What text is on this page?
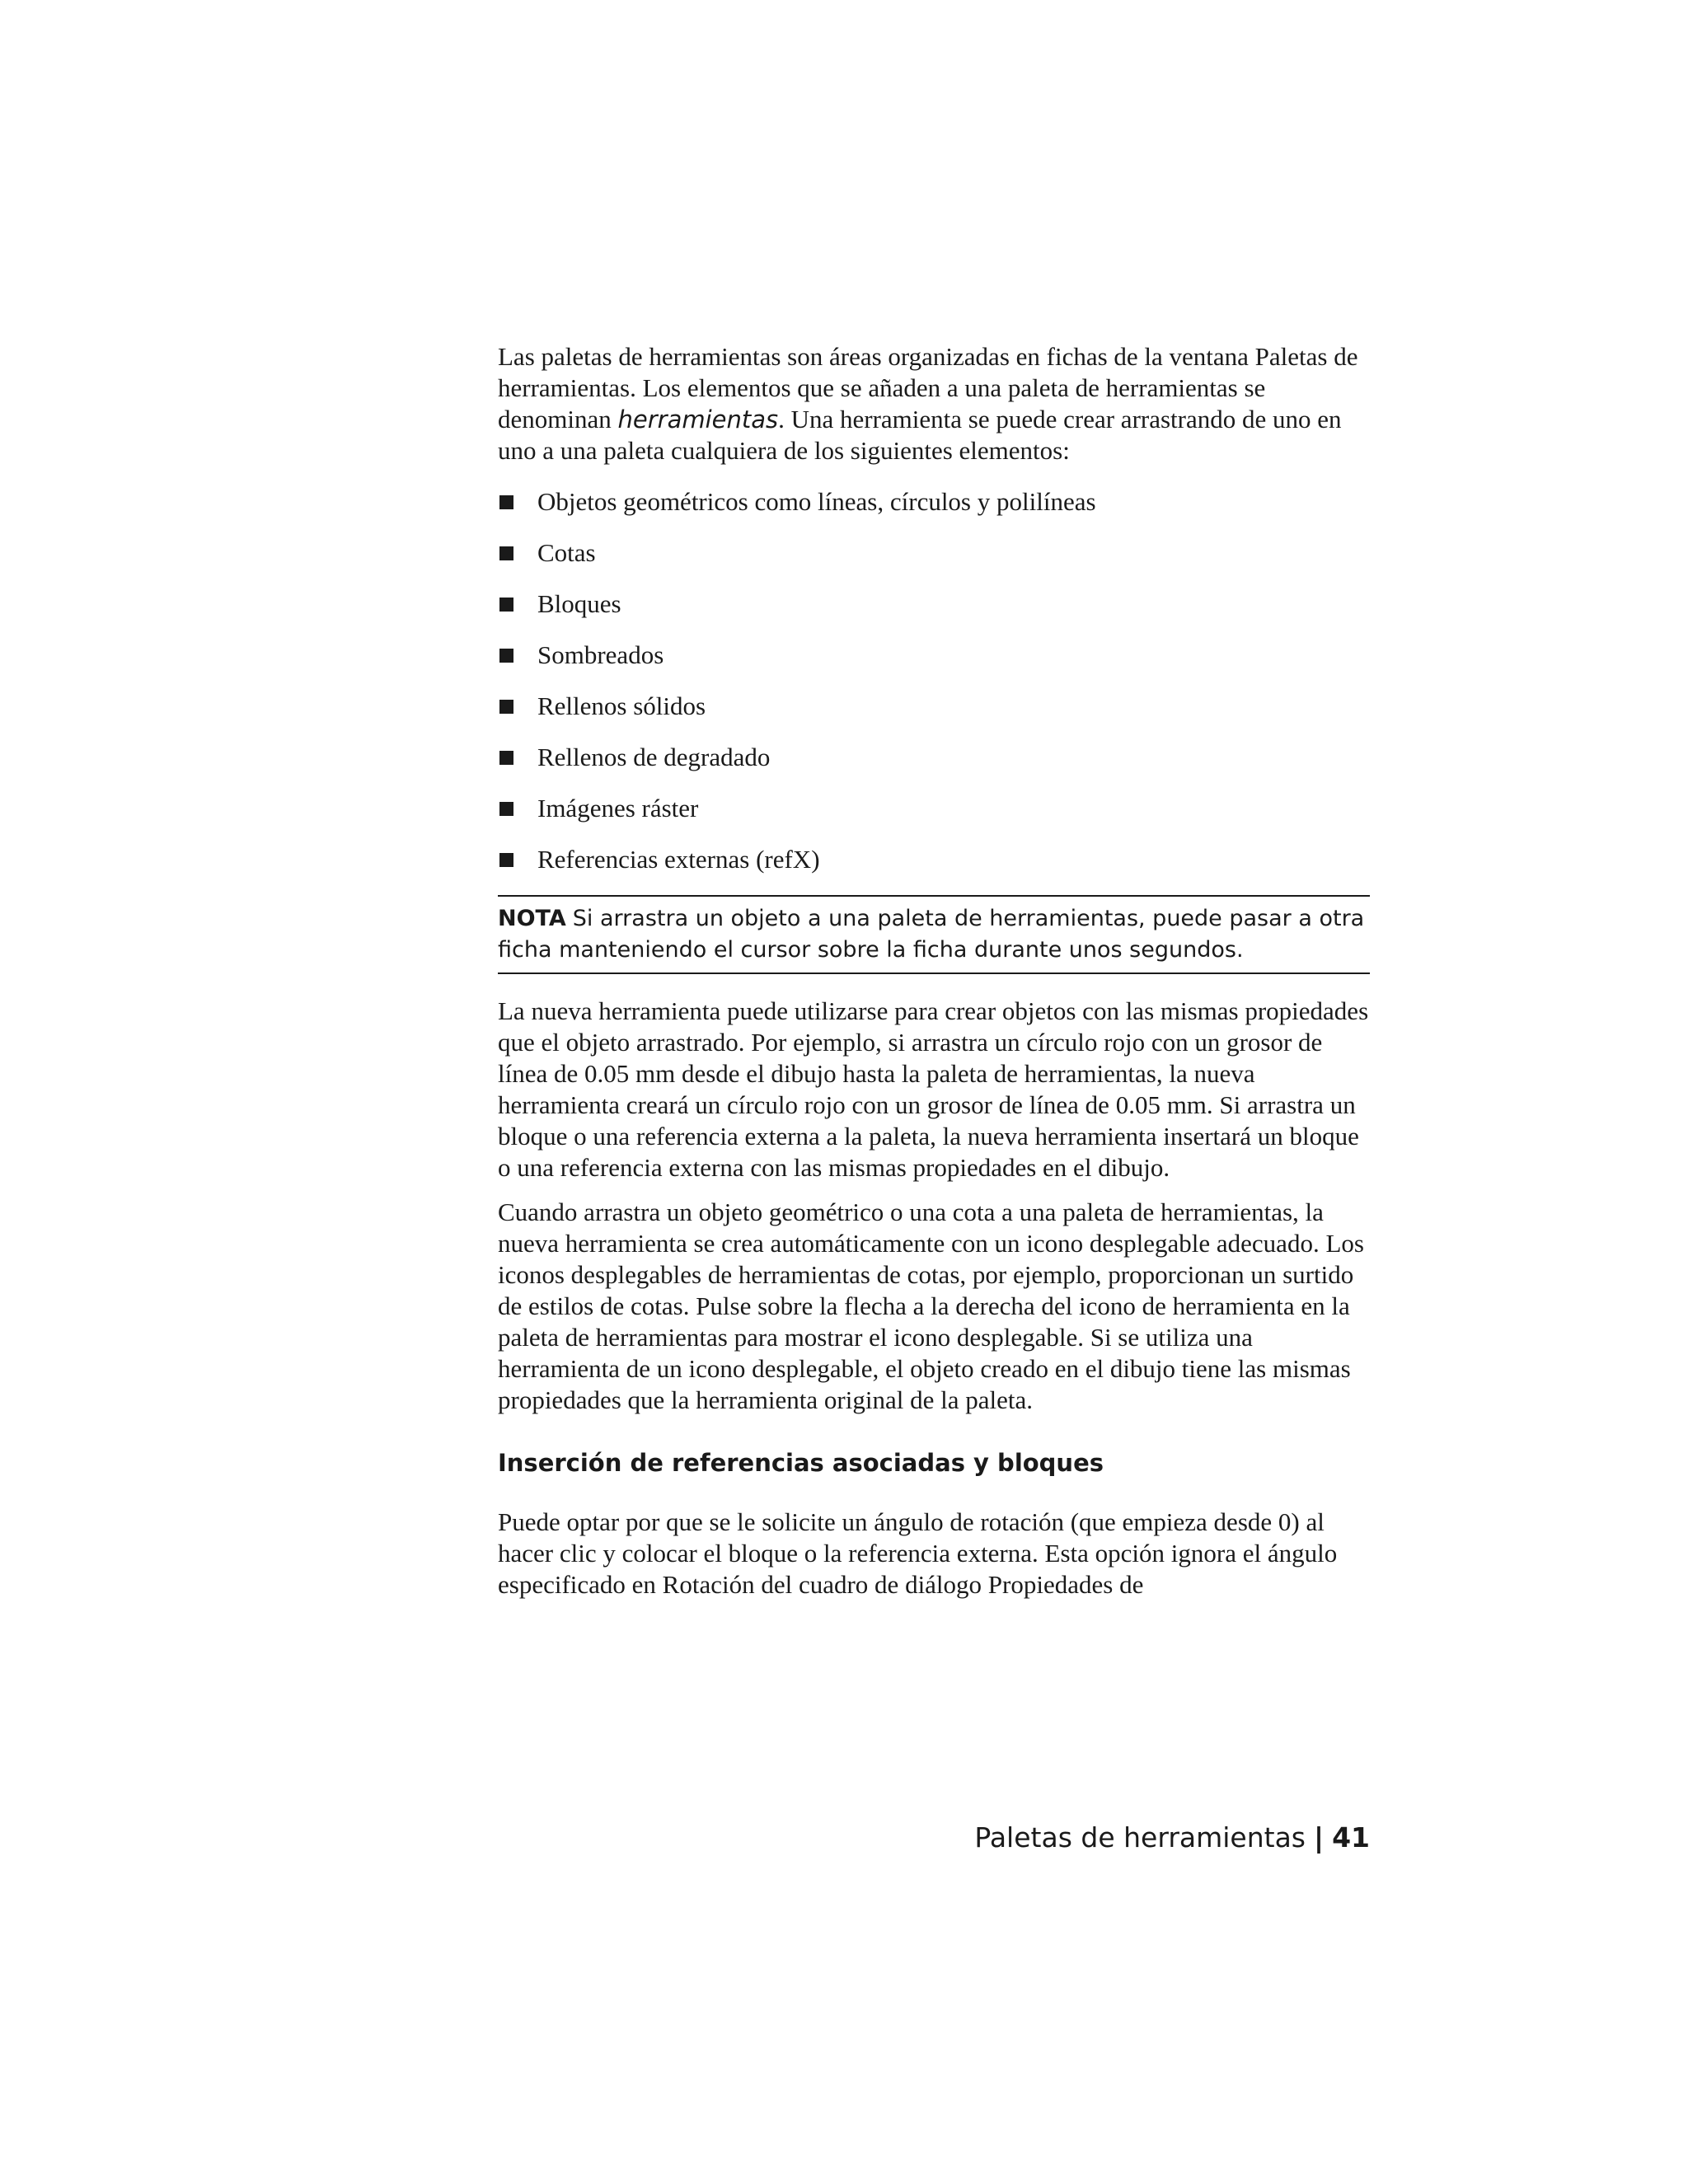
Las paletas de herramientas son áreas organizadas en fichas de la ventana Paletas de herramientas. Los elementos que se añaden a una paleta de herramientas se denominan herramientas. Una herramienta se puede crear arrastrando de uno en uno a una paleta cualquiera de los siguientes elementos:

Objetos geométricos como líneas, círculos y polilíneas
Cotas
Bloques
Sombreados
Rellenos sólidos
Rellenos de degradado
Imágenes ráster
Referencias externas (refX)
NOTA Si arrastra un objeto a una paleta de herramientas, puede pasar a otra ficha manteniendo el cursor sobre la ficha durante unos segundos.

La nueva herramienta puede utilizarse para crear objetos con las mismas propiedades que el objeto arrastrado. Por ejemplo, si arrastra un círculo rojo con un grosor de línea de 0.05 mm desde el dibujo hasta la paleta de herramientas, la nueva herramienta creará un círculo rojo con un grosor de línea de 0.05 mm. Si arrastra un bloque o una referencia externa a la paleta, la nueva herramienta insertará un bloque o una referencia externa con las mismas propiedades en el dibujo.

Cuando arrastra un objeto geométrico o una cota a una paleta de herramientas, la nueva herramienta se crea automáticamente con un icono desplegable adecuado. Los iconos desplegables de herramientas de cotas, por ejemplo, proporcionan un surtido de estilos de cotas. Pulse sobre la flecha a la derecha del icono de herramienta en la paleta de herramientas para mostrar el icono desplegable. Si se utiliza una herramienta de un icono desplegable, el objeto creado en el dibujo tiene las mismas propiedades que la herramienta original de la paleta.

Inserción de referencias asociadas y bloques

Puede optar por que se le solicite un ángulo de rotación (que empieza desde 0) al hacer clic y colocar el bloque o la referencia externa. Esta opción ignora el ángulo especificado en Rotación del cuadro de diálogo Propiedades de

Paletas de herramientas | 41
